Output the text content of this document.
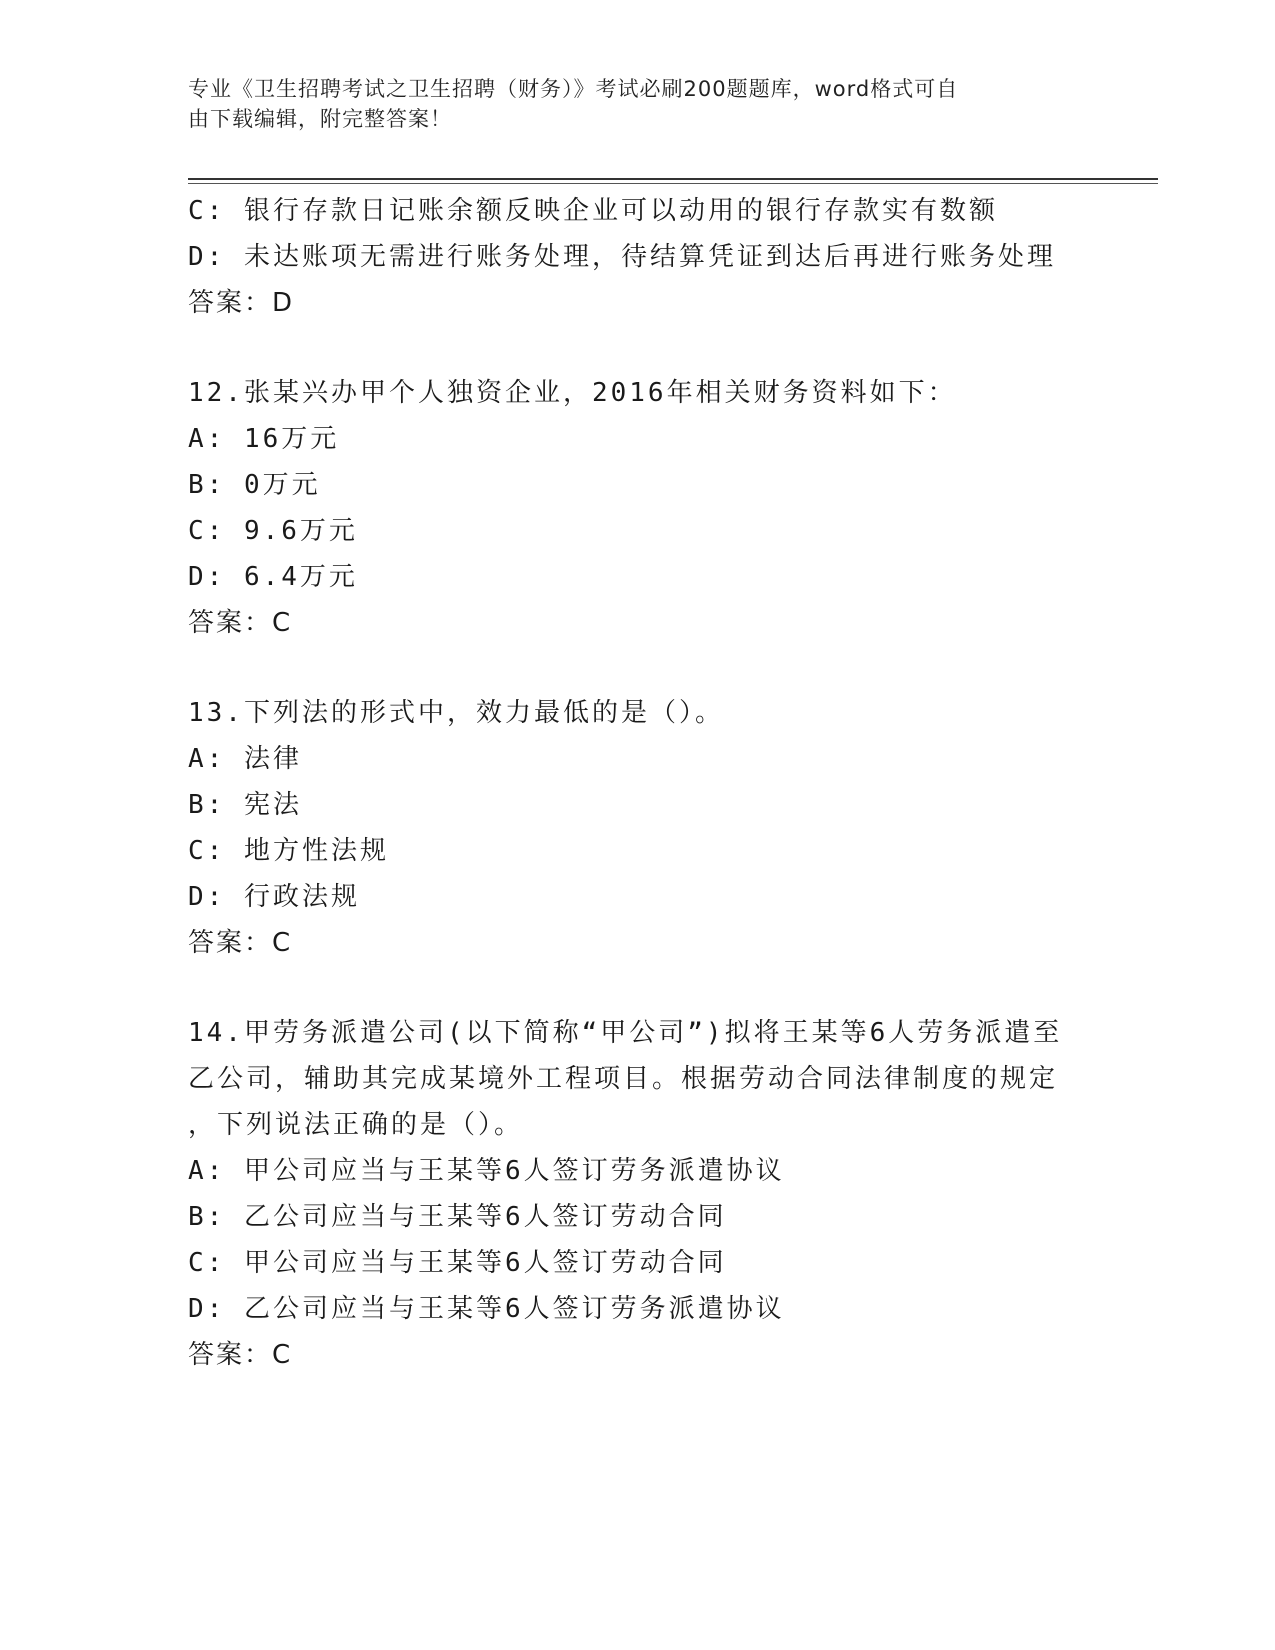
专业《卫生招聘考试之卫生招聘（财务）》考试必刷200题题库，word格式可自
由下载编辑，附完整答案！
C: 银行存款日记账余额反映企业可以动用的银行存款实有数额
D: 未达账项无需进行账务处理，待结算凭证到达后再进行账务处理
答案：D
12.张某兴办甲个人独资企业，2016年相关财务资料如下：
A: 16万元
B: 0万元
C: 9.6万元
D: 6.4万元
答案：C
13.下列法的形式中，效力最低的是（）。
A: 法律
B: 宪法
C: 地方性法规
D: 行政法规
答案：C
14.甲劳务派遣公司(以下简称“甲公司”)拟将王某等6人劳务派遣至
乙公司，辅助其完成某境外工程项目。根据劳动合同法律制度的规定
，下列说法正确的是（）。
A: 甲公司应当与王某等6人签订劳务派遣协议
B: 乙公司应当与王某等6人签订劳动合同
C: 甲公司应当与王某等6人签订劳动合同
D: 乙公司应当与王某等6人签订劳务派遣协议
答案：C
